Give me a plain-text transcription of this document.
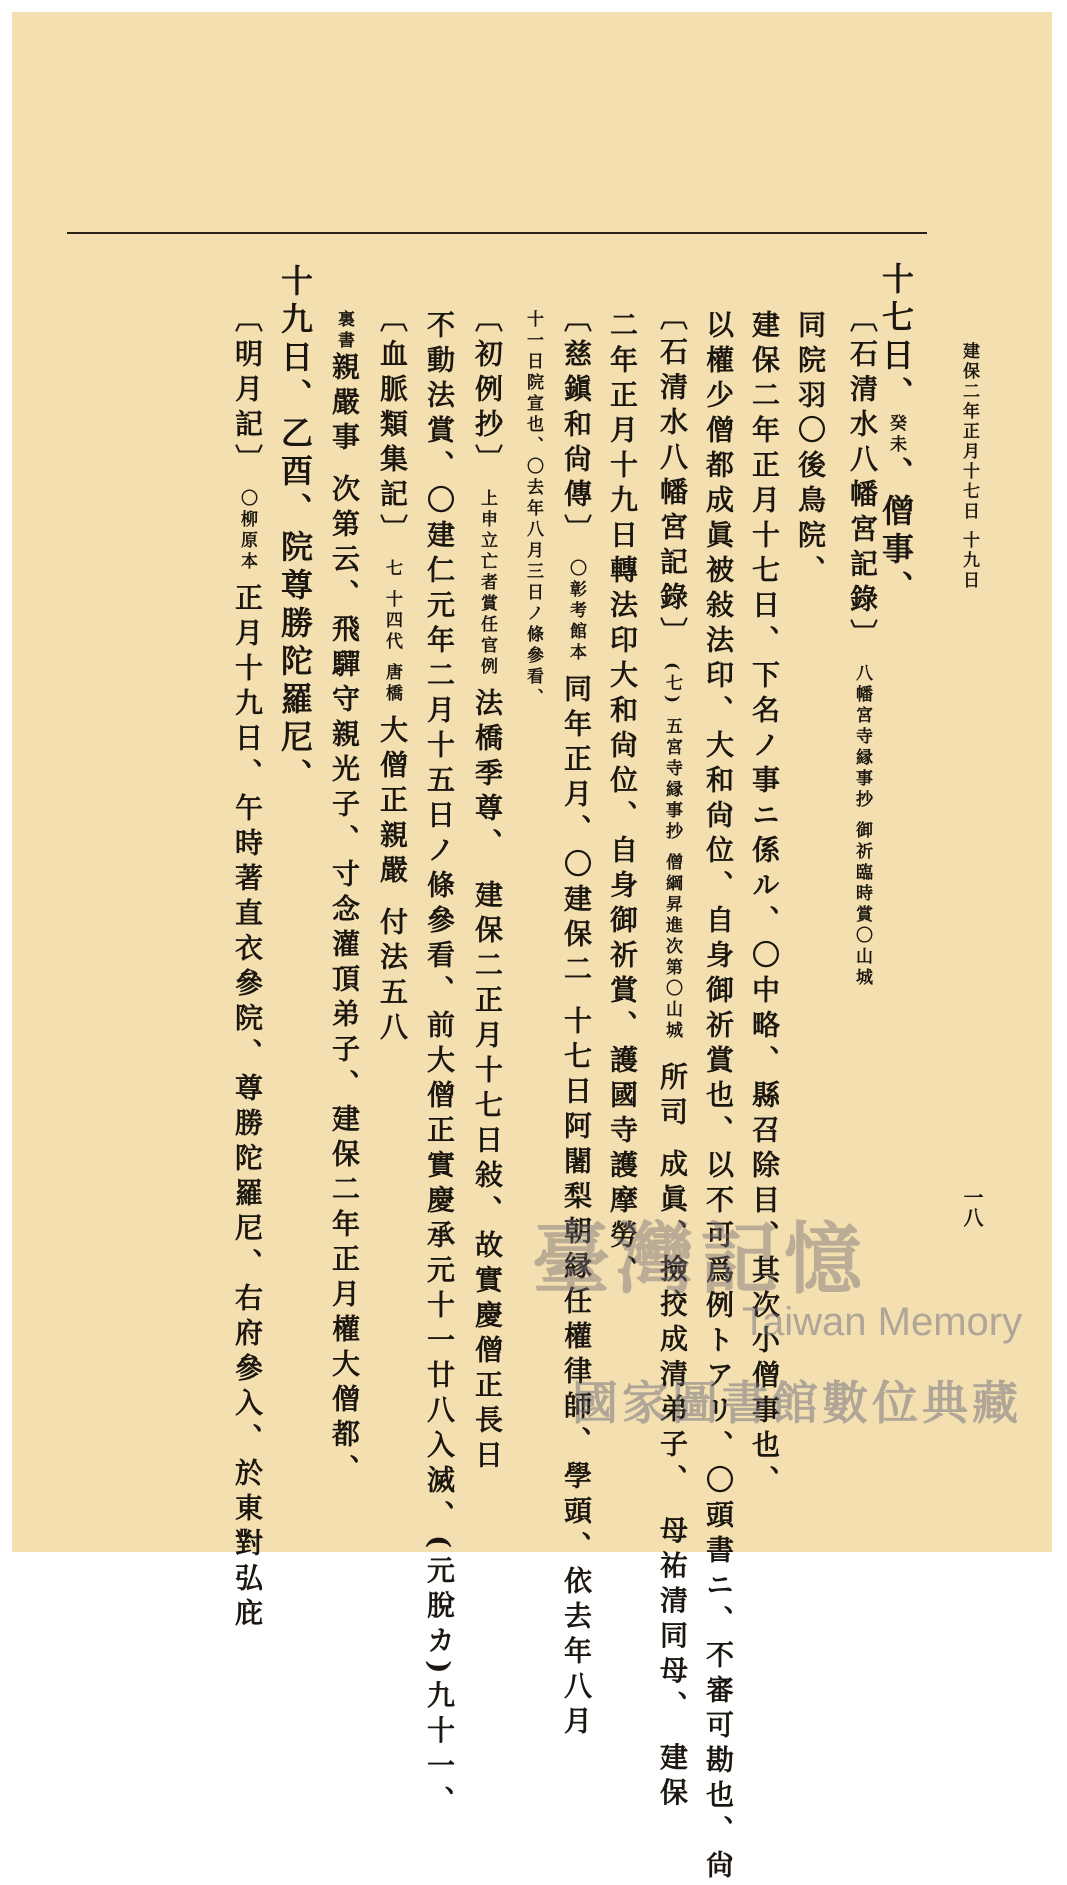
建保二年正月十七日 十九日
一八
十七日、
癸未
、僧事、
〔石清水八幡宮記錄〕八幡宮寺縁事抄 御祈臨時賞〇山城
同院羽〇後鳥院、
建保二年正月十七日、下名ノ事ニ係ル、〇中略、縣召除目、其次小僧事也、
以權少僧都成眞被敍法印、大和尙位、自身御祈賞也、以不可爲例トアリ、〇頭書ニ、不審可勘也、尙
〔石清水八幡宮記錄〕(七) 五宮寺縁事抄 僧綱昇進次第〇山城所司 成眞、撿挍成清弟子、 母祐清同母、 建保
二年正月十九日轉法印大和尙位、自身御祈賞、護國寺護摩勞、
〔慈鎭和尙傳〕〇彰考館本同年正月、〇建保二 十七日阿闍梨朝縁任權律師、學頭、依去年八月
十一日院宣也、〇去年八月三日ノ條參看、
〔初例抄〕上申立亡者賞任官例法橋季尊、 建保二正月十七日敍、故實慶僧正長日
不動法賞、〇建仁元年二月十五日ノ條參看、前大僧正實慶承元十一廿八入滅、(元脫カ)九十一、
〔血脈類集記〕七 十四代 唐橋大僧正親嚴 付法五八
裏書親嚴事 次第云、飛驒守親光子、寸念灌頂弟子、建保二年正月權大僧都、
十九日、乙酉、院尊勝陀羅尼、
〔明月記〕〇柳原本正月十九日、午時著直衣參院、尊勝陀羅尼、右府參入、於東對弘庇	臺灣記憶
Taiwan Memory
國家圖書館數位典藏
